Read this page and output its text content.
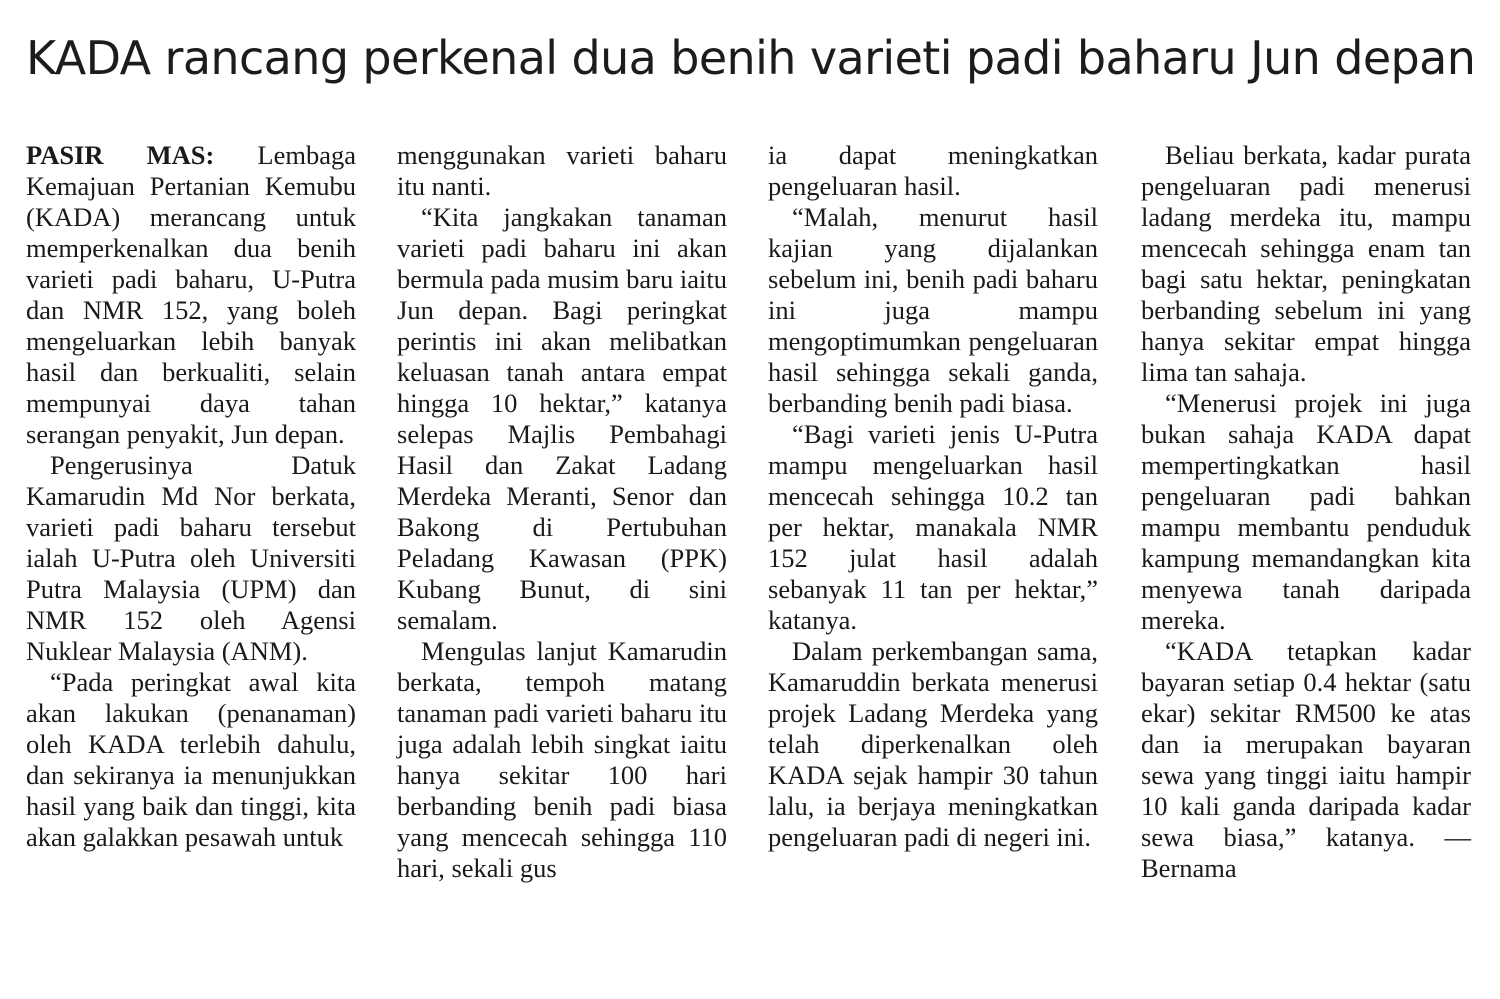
KADA rancang perkenal dua benih varieti padi baharu Jun depan

PASIR MAS: Lembaga Kemajuan Pertanian Kemubu (KADA) merancang untuk memperkenalkan dua benih varieti padi baharu, U-Putra dan NMR 152, yang boleh mengeluarkan lebih banyak hasil dan berkualiti, selain mempunyai daya tahan serangan penyakit, Jun depan.

Pengerusinya Datuk Kamarudin Md Nor berkata, varieti padi baharu tersebut ialah U-Putra oleh Universiti Putra Malaysia (UPM) dan NMR 152 oleh Agensi Nuklear Malaysia (ANM).

“Pada peringkat awal kita akan lakukan (penanaman) oleh KADA terlebih dahulu, dan sekiranya ia menunjukkan hasil yang baik dan tinggi, kita akan galakkan pesawah untuk

menggunakan varieti baharu itu nanti.

“Kita jangkakan tanaman varieti padi baharu ini akan bermula pada musim baru iaitu Jun depan. Bagi peringkat perintis ini akan melibatkan keluasan tanah antara empat hingga 10 hektar,” katanya selepas Majlis Pembahagi Hasil dan Zakat Ladang Merdeka Meranti, Senor dan Bakong di Pertubuhan Peladang Kawasan (PPK) Kubang Bunut, di sini semalam.

Mengulas lanjut Kamarudin berkata, tempoh matang tanaman padi varieti baharu itu juga adalah lebih singkat iaitu hanya sekitar 100 hari berbanding benih padi biasa yang mencecah sehingga 110 hari, sekali gus

ia dapat meningkatkan pengeluaran hasil.

“Malah, menurut hasil kajian yang dijalankan sebelum ini, benih padi baharu ini juga mampu mengoptimumkan pengeluaran hasil sehingga sekali ganda, berbanding benih padi biasa.

“Bagi varieti jenis U-Putra mampu mengeluarkan hasil mencecah sehingga 10.2 tan per hektar, manakala NMR 152 julat hasil adalah sebanyak 11 tan per hektar,” katanya.

Dalam perkembangan sama, Kamaruddin berkata menerusi projek Ladang Merdeka yang telah diperkenalkan oleh KADA sejak hampir 30 tahun lalu, ia berjaya meningkatkan pengeluaran padi di negeri ini.

Beliau berkata, kadar purata pengeluaran padi menerusi ladang merdeka itu, mampu mencecah sehingga enam tan bagi satu hektar, peningkatan berbanding sebelum ini yang hanya sekitar empat hingga lima tan sahaja.

“Menerusi projek ini juga bukan sahaja KADA dapat mempertingkatkan hasil pengeluaran padi bahkan mampu membantu penduduk kampung memandangkan kita menyewa tanah daripada mereka.

“KADA tetapkan kadar bayaran setiap 0.4 hektar (satu ekar) sekitar RM500 ke atas dan ia merupakan bayaran sewa yang tinggi iaitu hampir 10 kali ganda daripada kadar sewa biasa,” katanya. — Bernama
